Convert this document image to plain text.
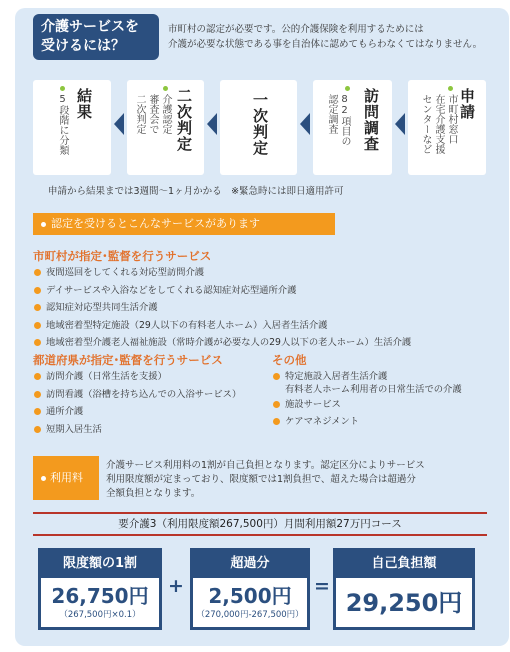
介護サービスを
受けるには？
市町村の認定が必要です。公的介護保険を利用するためには
介護が必要な状態である事を自治体に認めてもらわなくてはなりません。
申請
市町村窓口
在宅介護支援
センターなど
訪問調査
82項目の
認定調査
一次判定
二次判定
介護認定
審査会で
二次判定
結果
5段階に分類
申請から結果までは3週間〜1ヶ月かかる　※緊急時には即日適用許可
認定を受けるとこんなサービスがあります
市町村が指定･監督を行うサービス
夜間巡回をしてくれる対応型訪問介護
デイサービスや入浴などをしてくれる認知症対応型通所介護
認知症対応型共同生活介護
地域密着型特定施設（29人以下の有料老人ホーム）入居者生活介護
地域密着型介護老人福祉施設（常時介護が必要な人の29人以下の老人ホーム）生活介護
都道府県が指定･監督を行うサービス
訪問介護（日常生活を支援）
訪問看護（浴槽を持ち込んでの入浴サービス）
通所介護
短期入居生活
その他
特定施設入居者生活介護
有料老人ホーム利用者の日常生活での介護
施設サービス
ケアマネジメント
利用料
介護サービス利用料の1割が自己負担となります。認定区分によりサービス
利用限度額が定まっており、限度額では1割負担で、超えた場合は超過分
全額負担となります。
要介護3（利用限度額267,500円）月間利用額27万円コース
限度額の1割
26,750円
（267,500円×0.1）
+
超過分
2,500円
（270,000円-267,500円）
=
自己負担額
29,250円
